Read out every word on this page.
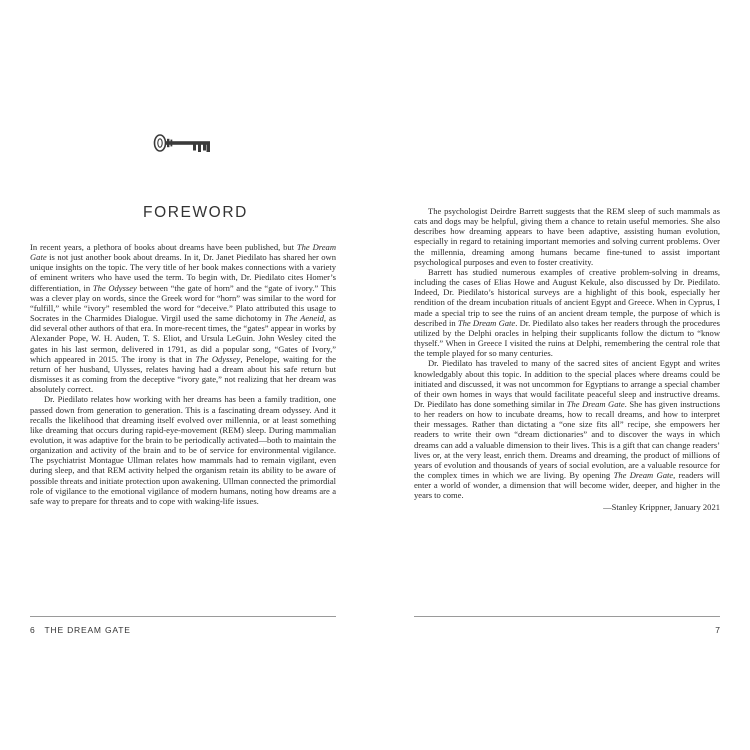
FOREWORD

In recent years, a plethora of books about dreams have been published, but The Dream Gate is not just another book about dreams. In it, Dr. Janet Piedilato has shared her own unique insights on the topic. The very title of her book makes connections with a variety of eminent writers who have used the term. To begin with, Dr. Piedilato cites Homer’s differentiation, in The Odyssey between “the gate of horn” and the “gate of ivory.” This was a clever play on words, since the Greek word for “horn” was similar to the word for “fulfill,” while “ivory” resembled the word for “deceive.” Plato attributed this usage to Socrates in the Charmides Dialogue. Virgil used the same dichotomy in The Aeneid, as did several other authors of that era. In more-recent times, the “gates” appear in works by Alexander Pope, W. H. Auden, T. S. Eliot, and Ursula LeGuin. John Wesley cited the gates in his last sermon, delivered in 1791, as did a popular song, “Gates of Ivory,” which appeared in 2015. The irony is that in The Odyssey, Penelope, waiting for the return of her husband, Ulysses, relates having had a dream about his safe return but dismisses it as coming from the deceptive “ivory gate,” not realizing that her dream was absolutely correct.

Dr. Piedilato relates how working with her dreams has been a family tradition, one passed down from generation to generation. This is a fascinating dream odyssey. And it recalls the likelihood that dreaming itself evolved over millennia, or at least something like dreaming that occurs during rapid-eye-movement (REM) sleep. During mammalian evolution, it was adaptive for the brain to be periodically activated—both to maintain the organization and activity of the brain and to be of service for environmental vigilance. The psychiatrist Montague Ullman relates how mammals had to remain vigilant, even during sleep, and that REM activity helped the organism retain its ability to be aware of possible threats and initiate protection upon awakening. Ullman connected the primordial role of vigilance to the emotional vigilance of modern humans, noting how dreams are a safe way to prepare for threats and to cope with waking-life issues.

6 THE DREAM GATE

The psychologist Deirdre Barrett suggests that the REM sleep of such mammals as cats and dogs may be helpful, giving them a chance to retain useful memories. She also describes how dreaming appears to have been adaptive, assisting human evolution, especially in regard to retaining important memories and solving current problems. Over the millennia, dreaming among humans became fine-tuned to assist important psychological purposes and even to foster creativity.

Barrett has studied numerous examples of creative problem-solving in dreams, including the cases of Elias Howe and August Kekule, also discussed by Dr. Piedilato. Indeed, Dr. Piedilato’s historical surveys are a highlight of this book, especially her rendition of the dream incubation rituals of ancient Egypt and Greece. When in Cyprus, I made a special trip to see the ruins of an ancient dream temple, the purpose of which is described in The Dream Gate. Dr. Piedilato also takes her readers through the procedures utilized by the Delphi oracles in helping their supplicants follow the dictum to “know thyself.” When in Greece I visited the ruins at Delphi, remembering the central role that the temple played for so many centuries.

Dr. Piedilato has traveled to many of the sacred sites of ancient Egypt and writes knowledgably about this topic. In addition to the special places where dreams could be initiated and discussed, it was not uncommon for Egyptians to arrange a special chamber of their own homes in ways that would facilitate peaceful sleep and instructive dreams. Dr. Piedilato has done something similar in The Dream Gate. She has given instructions to her readers on how to incubate dreams, how to recall dreams, and how to interpret their messages. Rather than dictating a “one size fits all” recipe, she empowers her readers to write their own “dream dictionaries” and to discover the ways in which dreams can add a valuable dimension to their lives. This is a gift that can change readers’ lives or, at the very least, enrich them. Dreams and dreaming, the product of millions of years of evolution and thousands of years of social evolution, are a valuable resource for the complex times in which we are living. By opening The Dream Gate, readers will enter a world of wonder, a dimension that will become wider, deeper, and higher in the years to come.

—Stanley Krippner, January 2021

7
